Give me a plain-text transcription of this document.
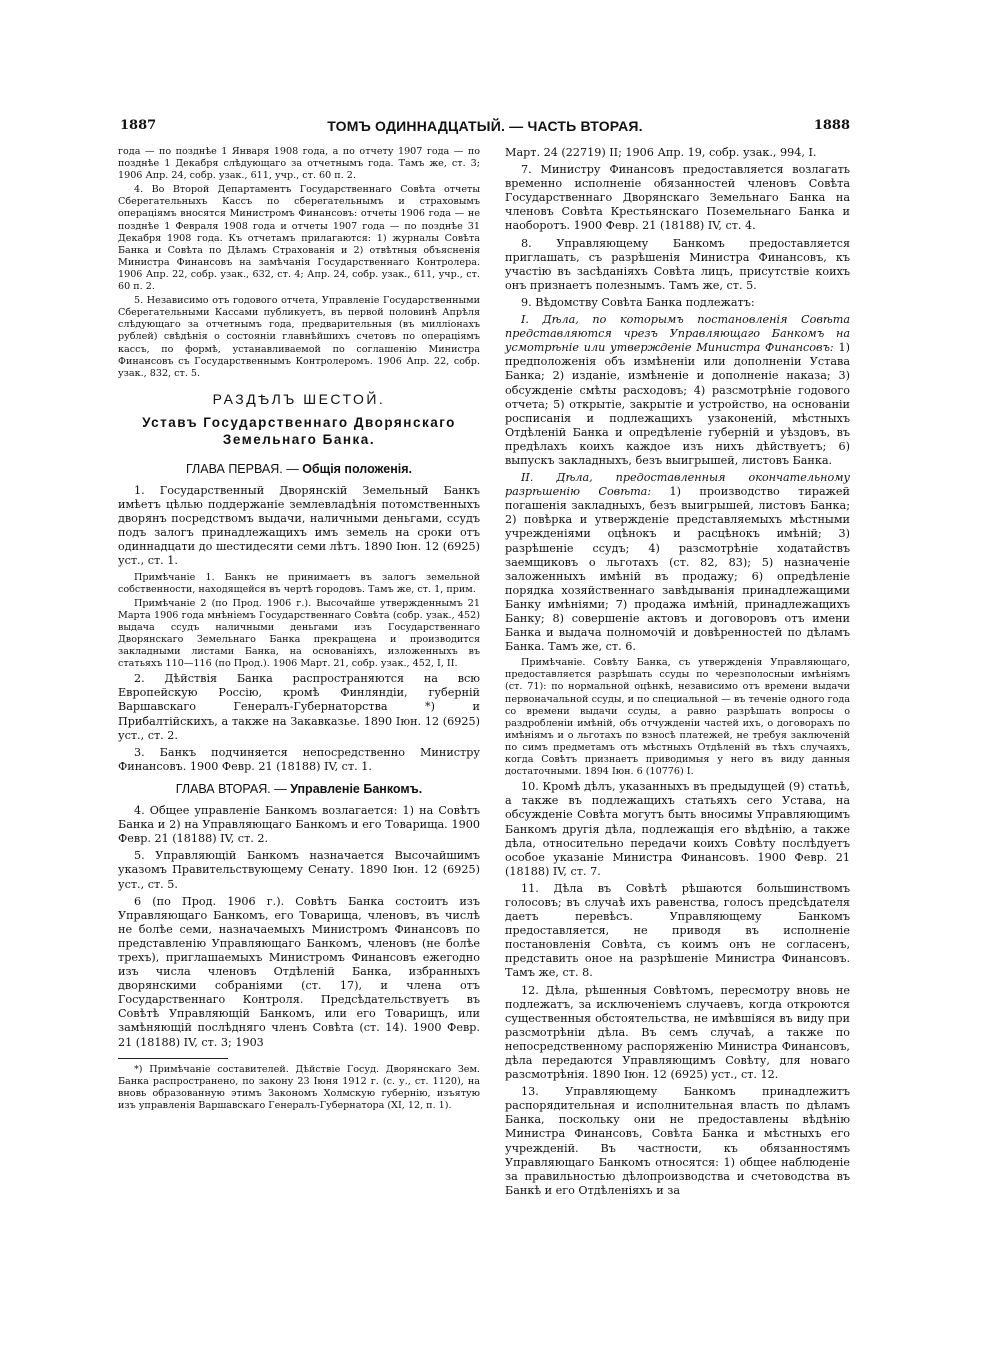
1887	ТОМЪ ОДИННАДЦАТЫЙ. — ЧАСТЬ ВТОРАЯ.	1888

года — по позднѣе 1 Января 1908 года, а по отчету 1907 года — по позднѣе 1 Декабря слѣдующаго за отчетнымъ года. Тамъ же, ст. 3; 1906 Апр. 24, собр. узак., 611, учр., ст. 60 п. 2.

4. Во Второй Департаментъ Государственнаго Совѣта отчеты Сберегательныхъ Кассъ по сберегательнымъ и страховымъ операціямъ вносятся Министромъ Финансовъ: отчеты 1906 года — не позднѣе 1 Февраля 1908 года и отчеты 1907 года — по позднѣе 31 Декабря 1908 года. Къ отчетамъ прилагаются: 1) журналы Совѣта Банка и Совѣта по Дѣламъ Страхованія и 2) отвѣтныя объясненія Министра Финансовъ на замѣчанія Государственнаго Контролера. 1906 Апр. 22, собр. узак., 632, ст. 4; Апр. 24, собр. узак., 611, учр., ст. 60 п. 2.

5. Независимо отъ годового отчета, Управленіе Государственными Сберегательными Кассами публикуетъ, въ первой половинѣ Апрѣля слѣдующаго за отчетнымъ года, предварительныя (въ милліонахъ рублей) свѣдѣнія о состояніи главнѣйшихъ счетовъ по операціямъ кассъ, по формѣ, устанавливаемой по соглашенію Министра Финансовъ съ Государственнымъ Контролеромъ. 1906 Апр. 22, собр. узак., 832, ст. 5.

РАЗДѢЛЪ ШЕСТОЙ.

Уставъ Государственнаго Дворянскаго Земельнаго Банка.

ГЛАВА ПЕРВАЯ. — Общія положенія.

1. Государственный Дворянскій Земельный Банкъ имѣетъ цѣлью поддержаніе землевладѣнія потомственныхъ дворянъ посредствомъ выдачи, наличными деньгами, ссудъ подъ залогъ принадлежащихъ имъ земель на сроки отъ одиннадцати до шестидесяти семи лѣтъ. 1890 Іюн. 12 (6925) уст., ст. 1.

Примѣчаніе 1. Банкъ не принимаетъ въ залогъ земельной собственности, находящейся въ чертѣ городовъ. Тамъ же, ст. 1, прим.

Примѣчаніе 2 (по Прод. 1906 г.). Высочайше утвержденнымъ 21 Марта 1906 года мнѣніемъ Государственнаго Совѣта (собр. узак., 452) выдача ссудъ наличными деньгами изъ Государственнаго Дворянскаго Земельнаго Банка прекращена и производится закладными листами Банка, на основаніяхъ, изложенныхъ въ статьяхъ 110—116 (по Прод.). 1906 Март. 21, собр. узак., 452, I, II.

2. Дѣйствія Банка распространяются на всю Европейскую Россію, кромѣ Финляндіи, губерній Варшавскаго Генералъ-Губернаторства *) и Прибалтійскихъ, а также на Закавказье. 1890 Іюн. 12 (6925) уст., ст. 2.

3. Банкъ подчиняется непосредственно Министру Финансовъ. 1900 Февр. 21 (18188) IV, ст. 1.

ГЛАВА ВТОРАЯ. — Управленіе Банкомъ.

4. Общее управленіе Банкомъ возлагается: 1) на Совѣтъ Банка и 2) на Управляющаго Банкомъ и его Товарища. 1900 Февр. 21 (18188) IV, ст. 2.

5. Управляющій Банкомъ назначается Высочайшимъ указомъ Правительствующему Сенату. 1890 Іюн. 12 (6925) уст., ст. 5.

6 (по Прод. 1906 г.). Совѣтъ Банка состоитъ изъ Управляющаго Банкомъ, его Товарища, членовъ, въ числѣ не болѣе семи, назначаемыхъ Министромъ Финансовъ по представленію Управляющаго Банкомъ, членовъ (не болѣе трехъ), приглашаемыхъ Министромъ Финансовъ ежегодно изъ числа членовъ Отдѣленій Банка, избранныхъ дворянскими собраніями (ст. 17), и члена отъ Государственнаго Контроля. Предсѣдательствуетъ въ Совѣтѣ Управляющій Банкомъ, или его Товарищъ, или замѣняющій послѣдняго членъ Совѣта (ст. 14). 1900 Февр. 21 (18188) IV, ст. 3; 1903

*) Примѣчаніе составителей. Дѣйствіе Госуд. Дворянскаго Зем. Банка распространено, по закону 23 Іюня 1912 г. (с. у., ст. 1120), на вновь образованную этимъ Закономъ Холмскую губернію, изъятую изъ управленія Варшавскаго Генералъ-Губернатора (XI, 12, п. 1).

Март. 24 (22719) II; 1906 Апр. 19, собр. узак., 994, I.

7. Министру Финансовъ предоставляется возлагать временно исполненіе обязанностей членовъ Совѣта Государственнаго Дворянскаго Земельнаго Банка на членовъ Совѣта Крестьянскаго Поземельнаго Банка и наоборотъ. 1900 Февр. 21 (18188) IV, ст. 4.

8. Управляющему Банкомъ предоставляется приглашать, съ разрѣшенія Министра Финансовъ, къ участію въ засѣданіяхъ Совѣта лицъ, присутствіе коихъ онъ признаетъ полезнымъ. Тамъ же, ст. 5.

9. Вѣдомству Совѣта Банка подлежатъ:

I. Дѣла, по которымъ постановленія Совѣта представляются чрезъ Управляющаго Банкомъ на усмотрѣніе или утвержденіе Министра Финансовъ: 1) предположенія объ измѣненіи или дополненіи Устава Банка; 2) изданіе, измѣненіе и дополненіе наказа; 3) обсужденіе смѣты расходовъ; 4) разсмотрѣніе годового отчета; 5) открытіе, закрытіе и устройство, на основаніи росписанія и подлежащихъ узаконеній, мѣстныхъ Отдѣленій Банка и опредѣленіе губерній и уѣздовъ, въ предѣлахъ коихъ каждое изъ нихъ дѣйствуетъ; 6) выпускъ закладныхъ, безъ выигрышей, листовъ Банка.

II. Дѣла, предоставленныя окончательному разрѣшенію Совѣта: 1) производство тиражей погашенія закладныхъ, безъ выигрышей, листовъ Банка; 2) повѣрка и утвержденіе представляемыхъ мѣстными учрежденіями оцѣнокъ и расцѣнокъ имѣній; 3) разрѣшеніе ссудъ; 4) разсмотрѣніе ходатайствъ заемщиковъ о льготахъ (ст. 82, 83); 5) назначеніе заложенныхъ имѣній въ продажу; 6) опредѣленіе порядка хозяйственнаго завѣдыванія принадлежащими Банку имѣніями; 7) продажа имѣній, принадлежащихъ Банку; 8) совершеніе актовъ и договоровъ отъ имени Банка и выдача полномочій и довѣренностей по дѣламъ Банка. Тамъ же, ст. 6.

Примѣчаніе. Совѣту Банка, съ утвержденія Управляющаго, предоставляется разрѣшать ссуды по черезполосныи имѣніямъ (ст. 71): по нормальной оцѣнкѣ, независимо отъ времени выдачи первоначальной ссуды, и по специальной — въ теченіе одного года со времени выдачи ссуды, а равно разрѣшать вопросы о раздробленіи имѣній, объ отчужденіи частей ихъ, о договорахъ по имѣніямъ и о льготахъ по взносѣ платежей, не требуя заключеній по симъ предметамъ отъ мѣстныхъ Отдѣленій въ тѣхъ случаяхъ, когда Совѣтъ признаетъ приводимыя у него въ виду данныя достаточными. 1894 Іюн. 6 (10776) I.

10. Кромѣ дѣлъ, указанныхъ въ предыдущей (9) статьѣ, а также въ подлежащихъ статьяхъ сего Устава, на обсужденіе Совѣта могутъ быть вносимы Управляющимъ Банкомъ другія дѣла, подлежащія его вѣдѣнію, а также дѣла, относительно передачи коихъ Совѣту послѣдуетъ особое указаніе Министра Финансовъ. 1900 Февр. 21 (18188) IV, ст. 7.

11. Дѣла въ Совѣтѣ рѣшаются большинствомъ голосовъ; въ случаѣ ихъ равенства, голосъ предсѣдателя даетъ перевѣсъ. Управляющему Банкомъ предоставляется, не приводя въ исполненіе постановленія Совѣта, съ коимъ онъ не согласенъ, представить оное на разрѣшеніе Министра Финансовъ. Тамъ же, ст. 8.

12. Дѣла, рѣшенныя Совѣтомъ, пересмотру вновь не подлежатъ, за исключеніемъ случаевъ, когда откроются существенныя обстоятельства, не имѣвшіяся въ виду при разсмотрѣніи дѣла. Въ семъ случаѣ, а также по непосредственному распоряженію Министра Финансовъ, дѣла передаются Управляющимъ Совѣту, для новаго разсмотрѣнія. 1890 Іюн. 12 (6925) уст., ст. 12.

13. Управляющему Банкомъ принадлежитъ распорядительная и исполнительная власть по дѣламъ Банка, поскольку они не предоставлены вѣдѣнію Министра Финансовъ, Совѣта Банка и мѣстныхъ его учрежденій. Въ частности, къ обязанностямъ Управляющаго Банкомъ относятся: 1) общее наблюденіе за правильностью дѣлопроизводства и счетоводства въ Банкѣ и его Отдѣленіяхъ и за
